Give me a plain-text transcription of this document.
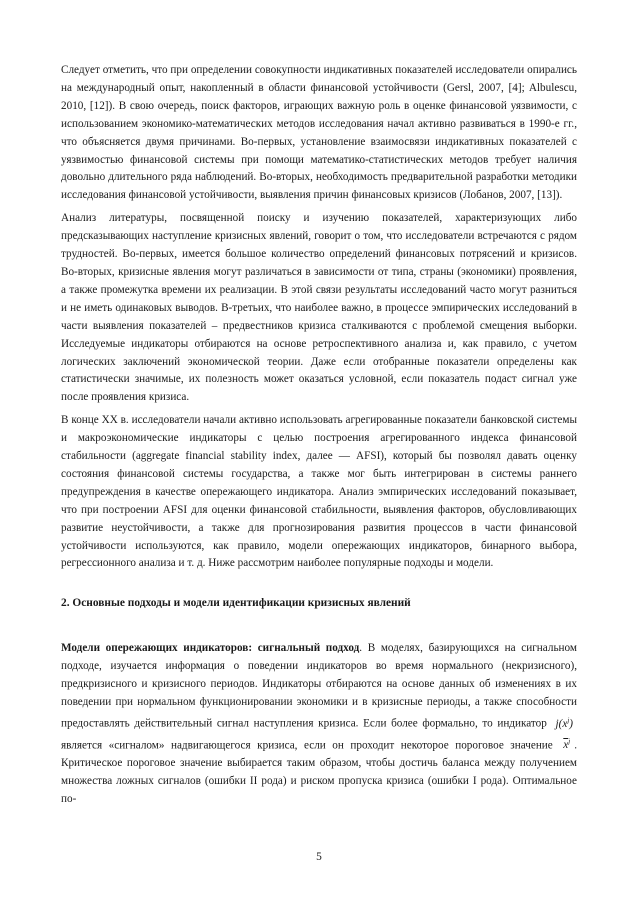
Следует отметить, что при определении совокупности индикативных показателей исследователи опирались на международный опыт, накопленный в области финансовой устойчивости (Gersl, 2007, [4]; Albulescu, 2010, [12]). В свою очередь, поиск факторов, играющих важную роль в оценке финансовой уязвимости, с использованием экономико-математических методов исследования начал активно развиваться в 1990-е гг., что объясняется двумя причинами. Во-первых, установление взаимосвязи индикативных показателей с уязвимостью финансовой системы при помощи математико-статистических методов требует наличия довольно длительного ряда наблюдений. Во-вторых, необходимость предварительной разработки методики исследования финансовой устойчивости, выявления причин финансовых кризисов (Лобанов, 2007, [13]).

Анализ литературы, посвященной поиску и изучению показателей, характеризующих либо предсказывающих наступление кризисных явлений, говорит о том, что исследователи встречаются с рядом трудностей. Во-первых, имеется большое количество определений финансовых потрясений и кризисов. Во-вторых, кризисные явления могут различаться в зависимости от типа, страны (экономики) проявления, а также промежутка времени их реализации. В этой связи результаты исследований часто могут разниться и не иметь одинаковых выводов. В-третьих, что наиболее важно, в процессе эмпирических исследований в части выявления показателей – предвестников кризиса сталкиваются с проблемой смещения выборки. Исследуемые индикаторы отбираются на основе ретроспективного анализа и, как правило, с учетом логических заключений экономической теории. Даже если отобранные показатели определены как статистически значимые, их полезность может оказаться условной, если показатель подаст сигнал уже после проявления кризиса.

В конце XX в. исследователи начали активно использовать агрегированные показатели банковской системы и макроэкономические индикаторы с целью построения агрегированного индекса финансовой стабильности (aggregate financial stability index, далее — AFSI), который бы позволял давать оценку состояния финансовой системы государства, а также мог быть интегрирован в системы раннего предупреждения в качестве опережающего индикатора. Анализ эмпирических исследований показывает, что при построении AFSI для оценки финансовой стабильности, выявления факторов, обусловливающих развитие неустойчивости, а также для прогнозирования развития процессов в части финансовой устойчивости используются, как правило, модели опережающих индикаторов, бинарного выбора, регрессионного анализа и т. д. Ниже рассмотрим наиболее популярные подходы и модели.

2. Основные подходы и модели идентификации кризисных явлений

Модели опережающих индикаторов: сигнальный подход. В моделях, базирующихся на сигнальном подходе, изучается информация о поведении индикаторов во время нормального (некризисного), предкризисного и кризисного периодов. Индикаторы отбираются на основе данных об изменениях в их поведении при нормальном функционировании экономики и в кризисные периоды, а также способности предоставлять действительный сигнал наступления кризиса. Если более формально, то индикатор $j(x^j)$ является «сигналом» надвигающегося кризиса, если он проходит некоторое пороговое значение $\overline{x}^j$ . Критическое пороговое значение выбирается таким образом, чтобы достичь баланса между получением множества ложных сигналов (ошибки II рода) и риском пропуска кризиса (ошибки I рода). Оптимальное по-

5
